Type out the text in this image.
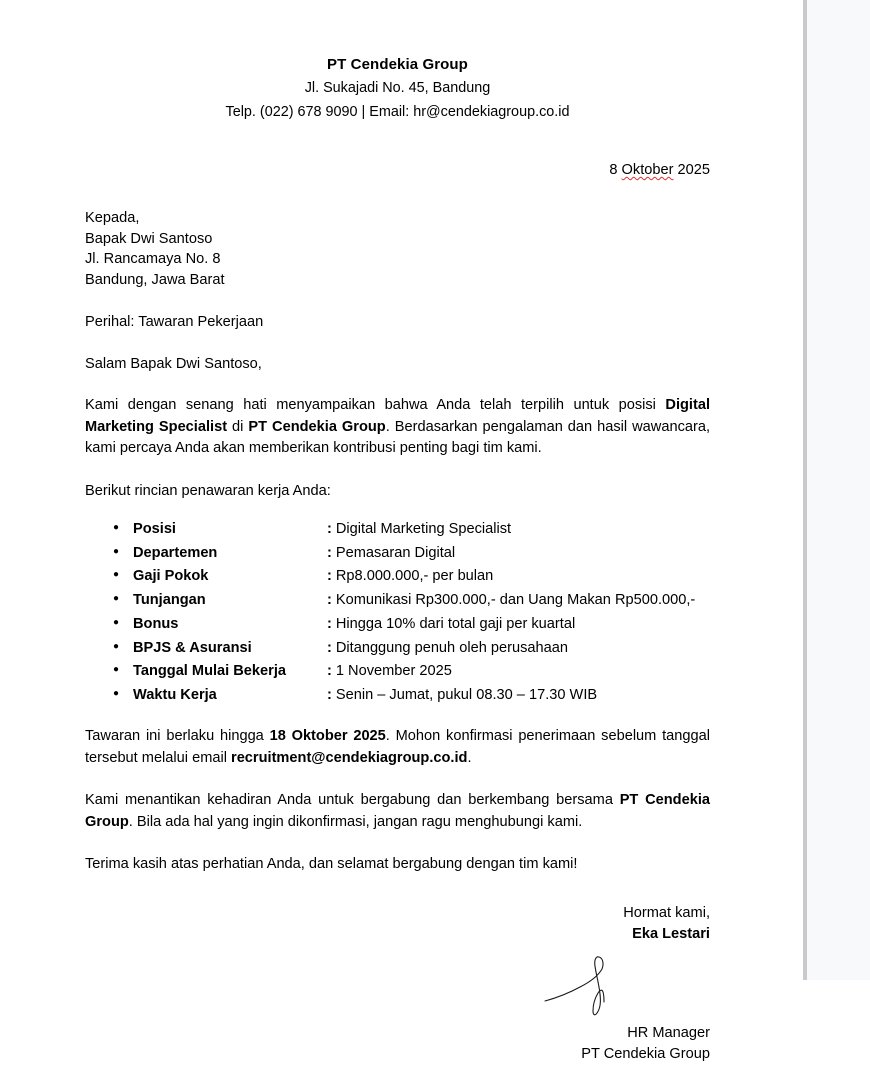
PT Cendekia Group
Jl. Sukajadi No. 45, Bandung
Telp. (022) 678 9090 | Email: hr@cendekiagroup.co.id
8 Oktober 2025
Kepada,
Bapak Dwi Santoso
Jl. Rancamaya No. 8
Bandung, Jawa Barat
Perihal: Tawaran Pekerjaan
Salam Bapak Dwi Santoso,

Kami dengan senang hati menyampaikan bahwa Anda telah terpilih untuk posisi Digital Marketing Specialist di PT Cendekia Group. Berdasarkan pengalaman dan hasil wawancara, kami percaya Anda akan memberikan kontribusi penting bagi tim kami.

Berikut rincian penawaran kerja Anda:

● Posisi	: Digital Marketing Specialist
● Departemen	: Pemasaran Digital
● Gaji Pokok	: Rp8.000.000,- per bulan
● Tunjangan	: Komunikasi Rp300.000,- dan Uang Makan Rp500.000,-
● Bonus	: Hingga 10% dari total gaji per kuartal
● BPJS & Asuransi	: Ditanggung penuh oleh perusahaan
● Tanggal Mulai Bekerja	: 1 November 2025
● Waktu Kerja	: Senin – Jumat, pukul 08.30 – 17.30 WIB

Tawaran ini berlaku hingga 18 Oktober 2025. Mohon konfirmasi penerimaan sebelum tanggal tersebut melalui email recruitment@cendekiagroup.co.id.

Kami menantikan kehadiran Anda untuk bergabung dan berkembang bersama PT Cendekia Group. Bila ada hal yang ingin dikonfirmasi, jangan ragu menghubungi kami.

Terima kasih atas perhatian Anda, dan selamat bergabung dengan tim kami!

Hormat kami,
Eka Lestari
HR Manager
PT Cendekia Group
